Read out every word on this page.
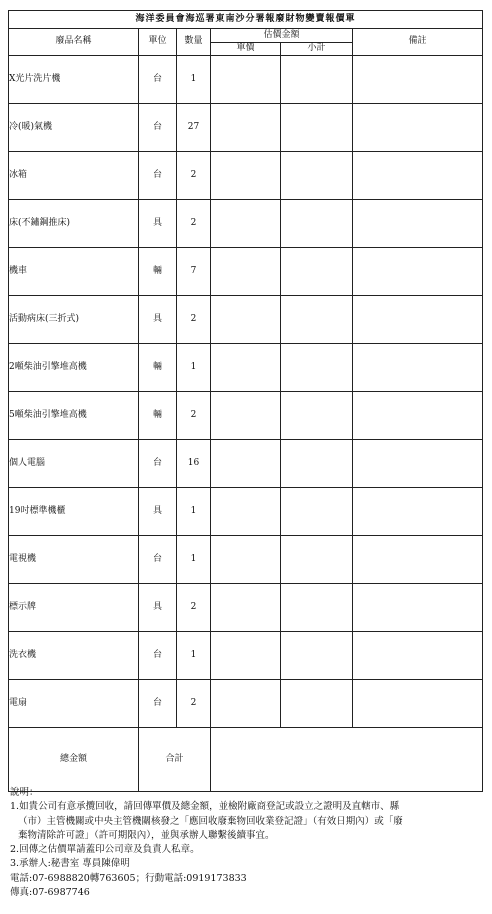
海洋委員會海巡署東南沙分署報廢財物變賣報價單					
廢品名稱	單位	數量	估價金額		備註
			單價	小計	
X光片洗片機	台	1			
冷(暖)氣機	台	27			
冰箱	台	2			
床(不鏽鋼推床)	具	2			
機車	輛	7			
活動病床(三折式)	具	2			
2噸柴油引擎堆高機	輛	1			
5噸柴油引擎堆高機	輛	2			
個人電腦	台	16			
19吋標準機櫃	具	1			
電視機	台	1			
標示牌	具	2			
洗衣機	台	1			
電扇	台	2			
總金額	合計				
說明：
1.如貴公司有意承攬回收，請回傳單價及總金額，並檢附廠商登記或設立之證明及直轄市、縣
（市）主管機關或中央主管機關核發之「應回收廢棄物回收業登記證」（有效日期內）或「廢
棄物清除許可證」（許可期限內），並與承辦人聯繫後續事宜。
2.回傳之估價單請蓋印公司章及負責人私章。
3.承辦人:秘書室 專員陳偉明
電話:07-6988820轉763605；行動電話:0919173833
傳真:07-6987746
